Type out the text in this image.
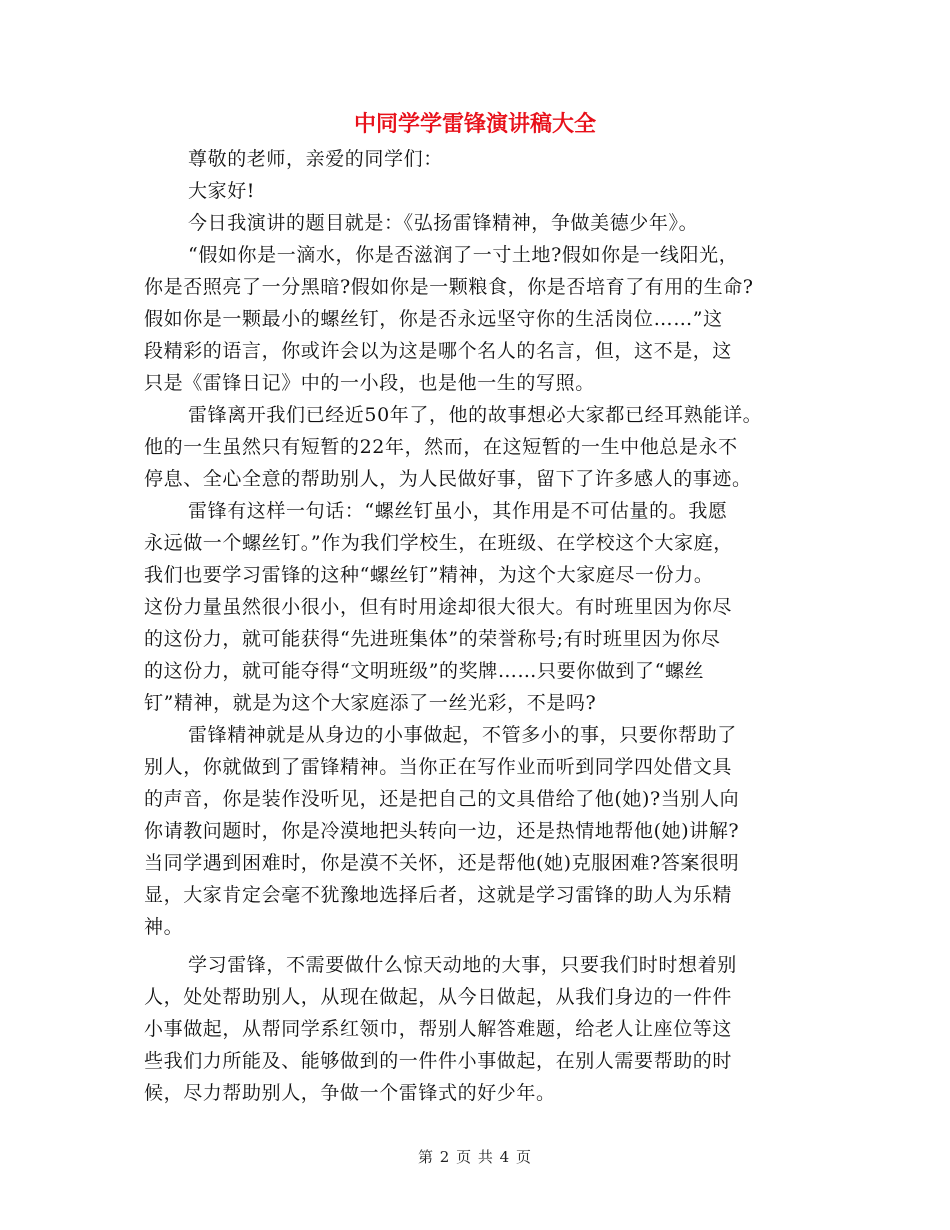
中同学学雷锋演讲稿大全
尊敬的老师，亲爱的同学们：
大家好!
今日我演讲的题目就是：《弘扬雷锋精神，争做美德少年》。
“假如你是一滴水，你是否滋润了一寸土地?假如你是一线阳光，
你是否照亮了一分黑暗?假如你是一颗粮食，你是否培育了有用的生命?
假如你是一颗最小的螺丝钉，你是否永远坚守你的生活岗位……”这
段精彩的语言，你或许会以为这是哪个名人的名言，但，这不是，这
只是《雷锋日记》中的一小段，也是他一生的写照。
雷锋离开我们已经近50年了，他的故事想必大家都已经耳熟能详。
他的一生虽然只有短暂的22年，然而，在这短暂的一生中他总是永不
停息、全心全意的帮助别人，为人民做好事，留下了许多感人的事迹。
雷锋有这样一句话：“螺丝钉虽小，其作用是不可估量的。我愿
永远做一个螺丝钉。”作为我们学校生，在班级、在学校这个大家庭，
我们也要学习雷锋的这种“螺丝钉”精神，为这个大家庭尽一份力。
这份力量虽然很小很小，但有时用途却很大很大。有时班里因为你尽
的这份力，就可能获得“先进班集体”的荣誉称号;有时班里因为你尽
的这份力，就可能夺得“文明班级”的奖牌……只要你做到了“螺丝
钉”精神，就是为这个大家庭添了一丝光彩，不是吗?
雷锋精神就是从身边的小事做起，不管多小的事，只要你帮助了
别人，你就做到了雷锋精神。当你正在写作业而听到同学四处借文具
的声音，你是装作没听见，还是把自己的文具借给了他(她)?当别人向
你请教问题时，你是冷漠地把头转向一边，还是热情地帮他(她)讲解?
当同学遇到困难时，你是漠不关怀，还是帮他(她)克服困难?答案很明
显，大家肯定会毫不犹豫地选择后者，这就是学习雷锋的助人为乐精
神。
学习雷锋，不需要做什么惊天动地的大事，只要我们时时想着别
人，处处帮助别人，从现在做起，从今日做起，从我们身边的一件件
小事做起，从帮同学系红领巾，帮别人解答难题，给老人让座位等这
些我们力所能及、能够做到的一件件小事做起，在别人需要帮助的时
候，尽力帮助别人，争做一个雷锋式的好少年。
第 2 页 共 4 页
